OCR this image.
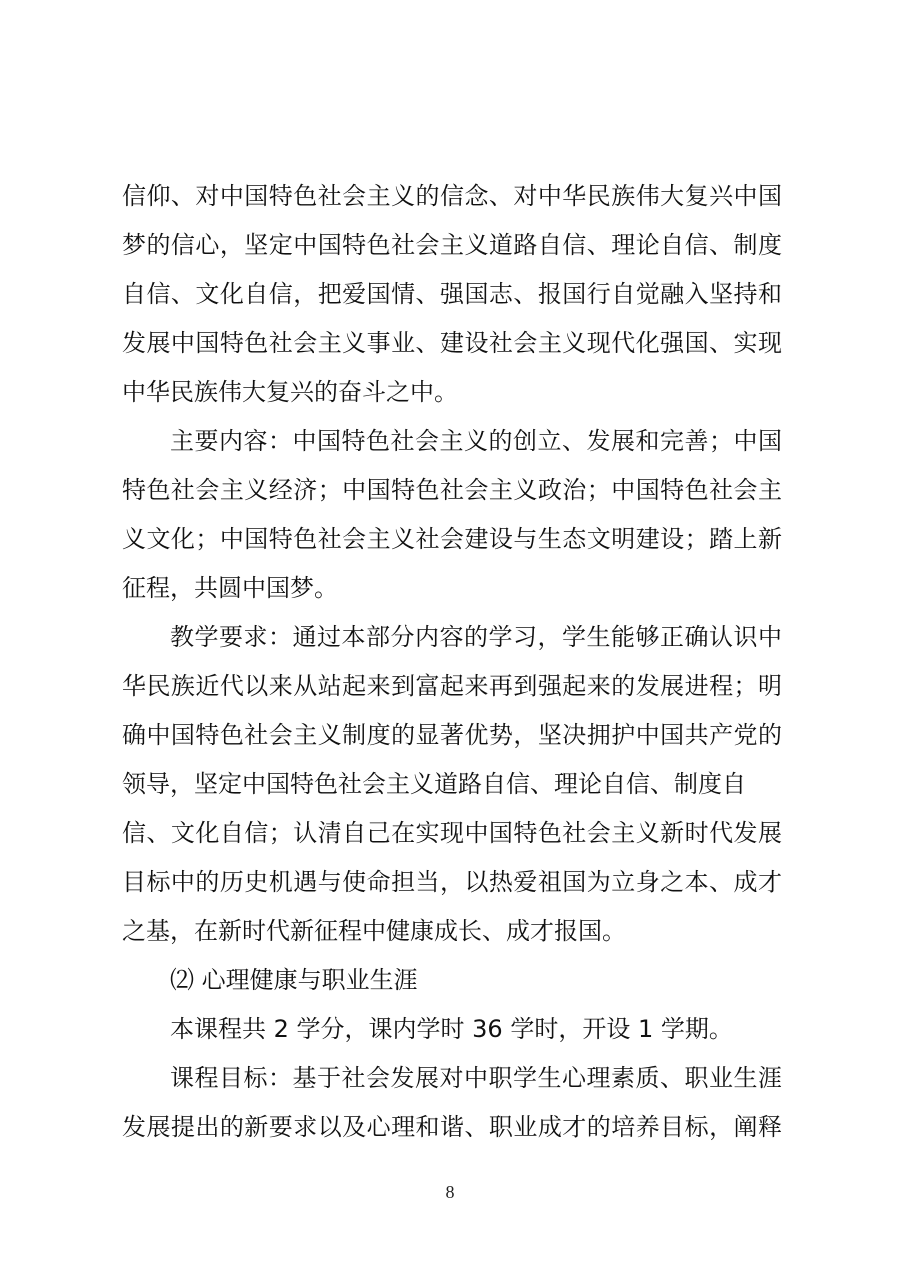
信仰、对中国特色社会主义的信念、对中华民族伟大复兴中国

梦的信心，坚定中国特色社会主义道路自信、理论自信、制度

自信、文化自信，把爱国情、强国志、报国行自觉融入坚持和

发展中国特色社会主义事业、建设社会主义现代化强国、实现

中华民族伟大复兴的奋斗之中。

主要内容：中国特色社会主义的创立、发展和完善；中国

特色社会主义经济；中国特色社会主义政治；中国特色社会主

义文化；中国特色社会主义社会建设与生态文明建设；踏上新

征程，共圆中国梦。

教学要求：通过本部分内容的学习，学生能够正确认识中

华民族近代以来从站起来到富起来再到强起来的发展进程；明

确中国特色社会主义制度的显著优势，坚决拥护中国共产党的

领导，坚定中国特色社会主义道路自信、理论自信、制度自

信、文化自信；认清自己在实现中国特色社会主义新时代发展

目标中的历史机遇与使命担当，以热爱祖国为立身之本、成才

之基，在新时代新征程中健康成长、成才报国。

⑵ 心理健康与职业生涯

本课程共 2 学分，课内学时 36 学时，开设 1 学期。

课程目标：基于社会发展对中职学生心理素质、职业生涯

发展提出的新要求以及心理和谐、职业成才的培养目标，阐释

8
